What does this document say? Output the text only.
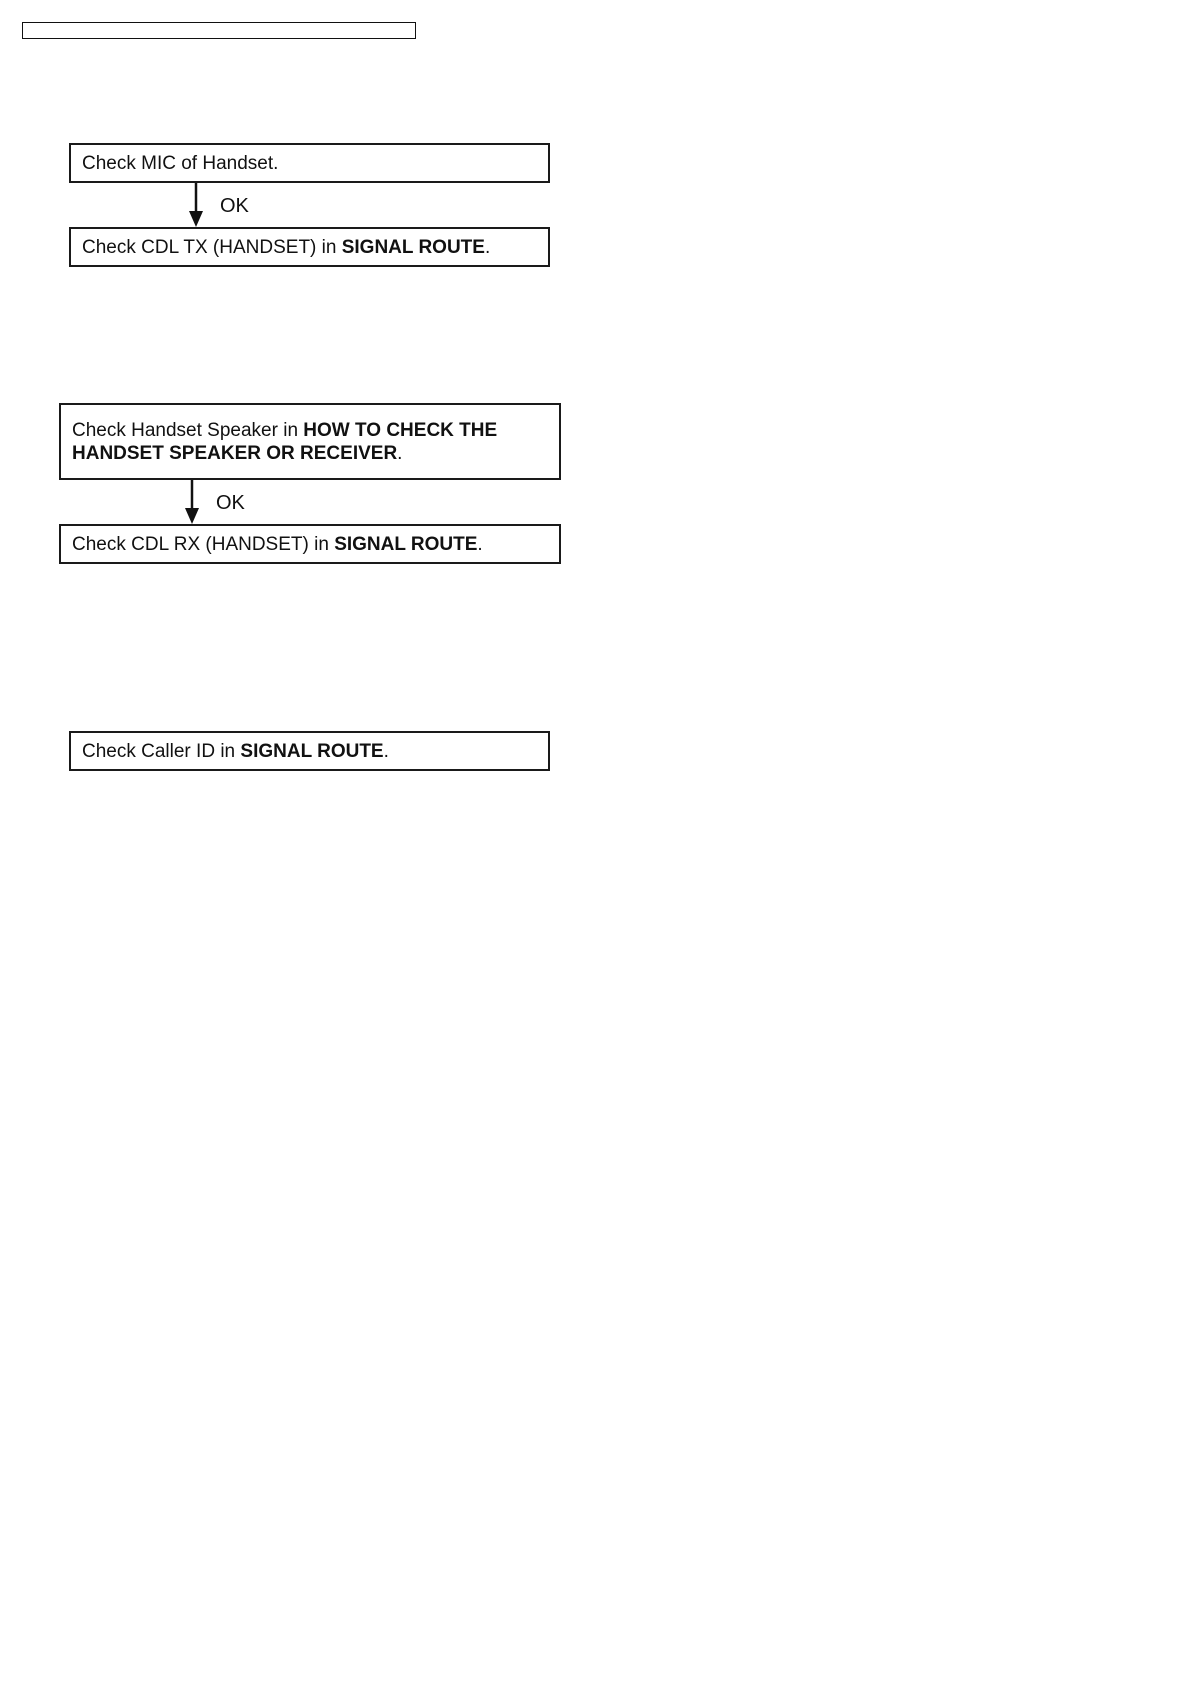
Check MIC of Handset.
OK
Check CDL TX (HANDSET) in SIGNAL ROUTE.
Check Handset Speaker in HOW TO CHECK THE
HANDSET SPEAKER OR RECEIVER.
OK
Check CDL RX (HANDSET) in SIGNAL ROUTE.
Check Caller ID in SIGNAL ROUTE.
